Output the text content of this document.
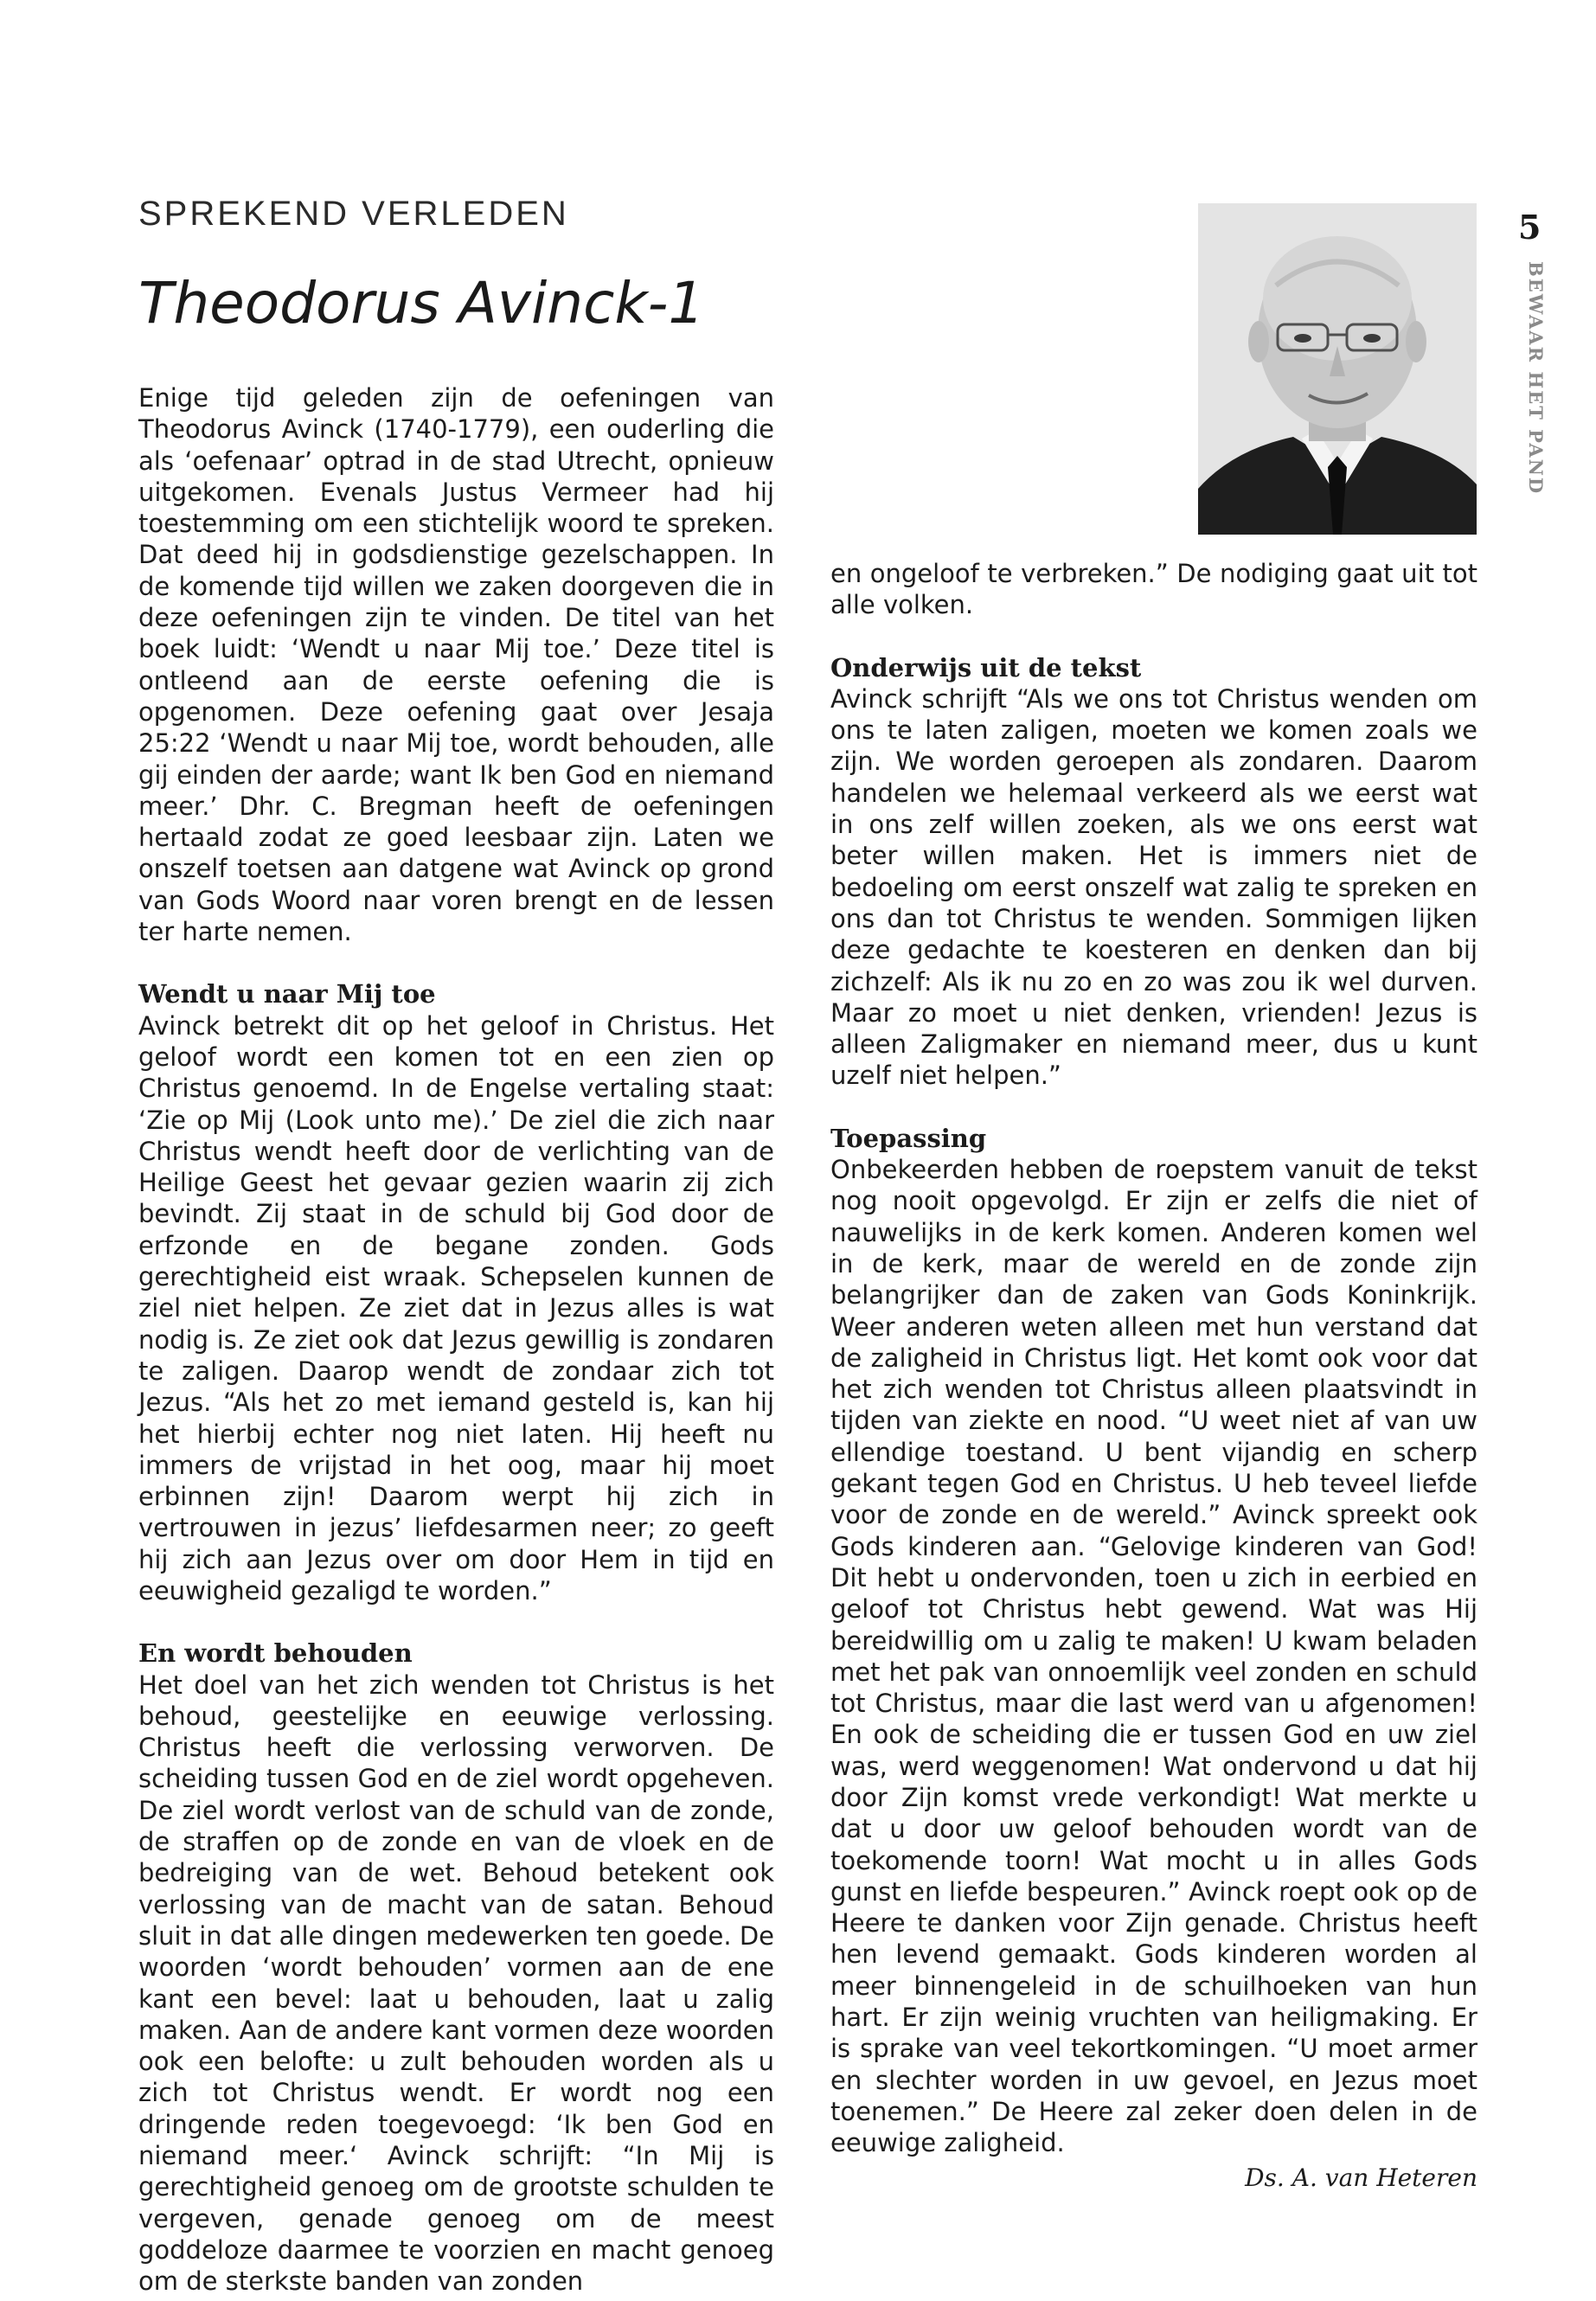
SPREKEND VERLEDEN
Theodorus Avinck-1
5
BEWAAR HET PAND

Enige tijd geleden zijn de oefeningen van Theodorus Avinck (1740-1779), een ouderling die als ‘oefenaar’ optrad in de stad Utrecht, opnieuw uitgekomen. Evenals Justus Vermeer had hij toestemming om een stichtelijk woord te spreken. Dat deed hij in godsdienstige gezelschappen. In de komende tijd willen we zaken doorgeven die in deze oefeningen zijn te vinden. De titel van het boek luidt: ‘Wendt u naar Mij toe.’ Deze titel is ontleend aan de eerste oefening die is opgenomen. Deze oefening gaat over Jesaja 25:22 ‘Wendt u naar Mij toe, wordt behouden, alle gij einden der aarde; want Ik ben God en niemand meer.’ Dhr. C. Bregman heeft de oefeningen hertaald zodat ze goed leesbaar zijn. Laten we onszelf toetsen aan datgene wat Avinck op grond van Gods Woord naar voren brengt en de lessen ter harte nemen.

Wendt u naar Mij toe

Avinck betrekt dit op het geloof in Christus. Het geloof wordt een komen tot en een zien op Christus genoemd. In de Engelse vertaling staat: ‘Zie op Mij (Look unto me).’ De ziel die zich naar Christus wendt heeft door de verlichting van de Heilige Geest het gevaar gezien waarin zij zich bevindt. Zij staat in de schuld bij God door de erfzonde en de begane zonden. Gods gerechtigheid eist wraak. Schepselen kunnen de ziel niet helpen. Ze ziet dat in Jezus alles is wat nodig is. Ze ziet ook dat Jezus gewillig is zondaren te zaligen. Daarop wendt de zondaar zich tot Jezus. “Als het zo met iemand gesteld is, kan hij het hierbij echter nog niet laten. Hij heeft nu immers de vrijstad in het oog, maar hij moet erbinnen zijn! Daarom werpt hij zich in vertrouwen in jezus’ liefdesarmen neer; zo geeft hij zich aan Jezus over om door Hem in tijd en eeuwigheid gezaligd te worden.”

En wordt behouden

Het doel van het zich wenden tot Christus is het behoud, geestelijke en eeuwige verlossing. Christus heeft die verlossing verworven. De scheiding tussen God en de ziel wordt opgeheven. De ziel wordt verlost van de schuld van de zonde, de straffen op de zonde en van de vloek en de bedreiging van de wet. Behoud betekent ook verlossing van de macht van de satan. Behoud sluit in dat alle dingen medewerken ten goede. De woorden ‘wordt behouden’ vormen aan de ene kant een bevel: laat u behouden, laat u zalig maken. Aan de andere kant vormen deze woorden ook een belofte: u zult behouden worden als u zich tot Christus wendt. Er wordt nog een dringende reden toegevoegd: ‘Ik ben God en niemand meer.‘ Avinck schrijft: “In Mij is gerechtigheid genoeg om de grootste schulden te vergeven, genade genoeg om de meest goddeloze daarmee te voorzien en macht genoeg om de sterkste banden van zonden

en ongeloof te verbreken.” De nodiging gaat uit tot alle volken.

Onderwijs uit de tekst

Avinck schrijft “Als we ons tot Christus wenden om ons te laten zaligen, moeten we komen zoals we zijn. We worden geroepen als zondaren. Daarom handelen we helemaal verkeerd als we eerst wat in ons zelf willen zoeken, als we ons eerst wat beter willen maken. Het is immers niet de bedoeling om eerst onszelf wat zalig te spreken en ons dan tot Christus te wenden. Sommigen lijken deze gedachte te koesteren en denken dan bij zichzelf: Als ik nu zo en zo was zou ik wel durven. Maar zo moet u niet denken, vrienden! Jezus is alleen Zaligmaker en niemand meer, dus u kunt uzelf niet helpen.”

Toepassing

Onbekeerden hebben de roepstem vanuit de tekst nog nooit opgevolgd. Er zijn er zelfs die niet of nauwelijks in de kerk komen. Anderen komen wel in de kerk, maar de wereld en de zonde zijn belangrijker dan de zaken van Gods Koninkrijk. Weer anderen weten alleen met hun verstand dat de zaligheid in Christus ligt. Het komt ook voor dat het zich wenden tot Christus alleen plaatsvindt in tijden van ziekte en nood. “U weet niet af van uw ellendige toestand. U bent vijandig en scherp gekant tegen God en Christus. U heb teveel liefde voor de zonde en de wereld.” Avinck spreekt ook Gods kinderen aan. “Gelovige kinderen van God! Dit hebt u ondervonden, toen u zich in eerbied en geloof tot Christus hebt gewend. Wat was Hij bereidwillig om u zalig te maken! U kwam beladen met het pak van onnoemlijk veel zonden en schuld tot Christus, maar die last werd van u afgenomen! En ook de scheiding die er tussen God en uw ziel was, werd weggenomen! Wat ondervond u dat hij door Zijn komst vrede verkondigt! Wat merkte u dat u door uw geloof behouden wordt van de toekomende toorn! Wat mocht u in alles Gods gunst en liefde bespeuren.” Avinck roept ook op de Heere te danken voor Zijn genade. Christus heeft hen levend gemaakt. Gods kinderen worden al meer binnengeleid in de schuilhoeken van hun hart. Er zijn weinig vruchten van heiligmaking. Er is sprake van veel tekortkomingen. “U moet armer en slechter worden in uw gevoel, en Jezus moet toenemen.” De Heere zal zeker doen delen in de eeuwige zaligheid.

Ds. A. van Heteren
